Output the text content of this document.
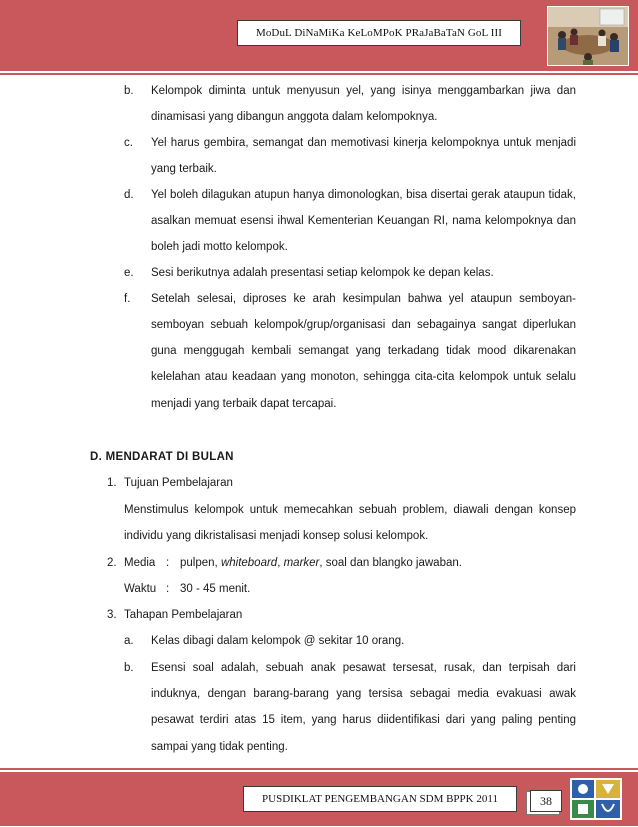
MoDuL DiNaMiKa KeLoMPoK PRaJaBaTaN GoL III
b. Kelompok diminta untuk menyusun yel, yang isinya menggambarkan jiwa dan
dinamisasi yang dibangun anggota dalam kelompoknya.
c. Yel harus gembira, semangat dan memotivasi kinerja kelompoknya untuk menjadi
yang terbaik.
d. Yel boleh dilagukan atupun hanya dimonologkan, bisa disertai gerak ataupun tidak,
asalkan memuat esensi ihwal Kementerian Keuangan RI, nama kelompoknya dan
boleh jadi motto kelompok.
e. Sesi berikutnya adalah presentasi setiap kelompok ke depan kelas.
f. Setelah selesai, diproses ke arah kesimpulan bahwa yel ataupun semboyan-
semboyan sebuah kelompok/grup/organisasi dan sebagainya sangat diperlukan
guna menggugah kembali semangat yang terkadang tidak mood dikarenakan
kelelahan atau keadaan yang monoton, sehingga cita-cita kelompok untuk selalu
menjadi yang terbaik dapat tercapai.
D. MENDARAT DI BULAN
1. Tujuan Pembelajaran
Menstimulus kelompok untuk memecahkan sebuah problem, diawali dengan konsep
individu yang dikristalisasi menjadi konsep solusi kelompok.
2. Media : pulpen, whiteboard, marker, soal dan blangko jawaban.
Waktu : 30 - 45 menit.
3. Tahapan Pembelajaran
a. Kelas dibagi dalam kelompok @ sekitar 10 orang.
b. Esensi soal adalah, sebuah anak pesawat tersesat, rusak, dan terpisah dari
induknya, dengan barang-barang yang tersisa sebagai media evakuasi awak
pesawat terdiri atas 15 item, yang harus diidentifikasi dari yang paling penting
sampai yang tidak penting.
PUSDIKLAT PENGEMBANGAN SDM BPPK 2011	38
